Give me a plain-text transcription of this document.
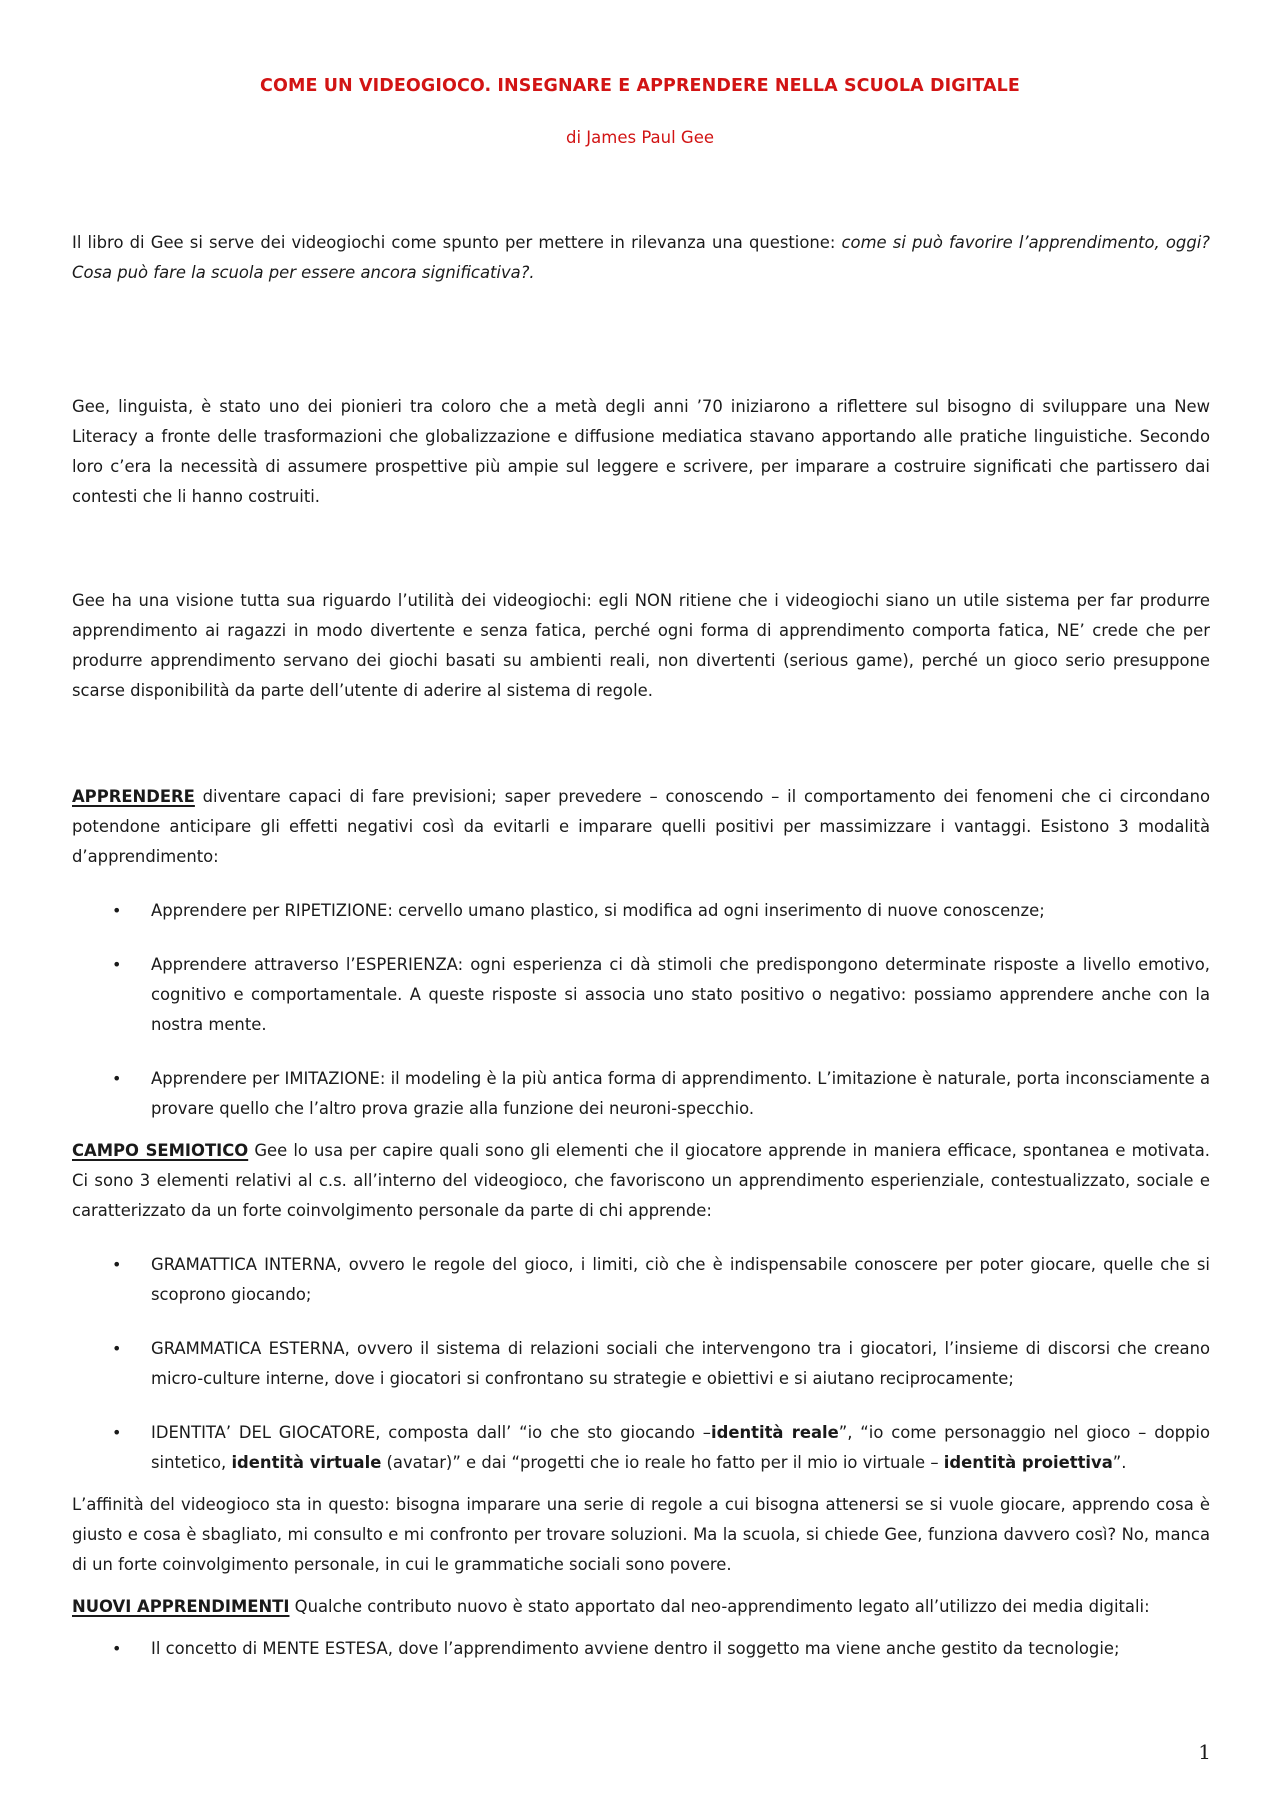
COME UN VIDEOGIOCO. INSEGNARE E APPRENDERE NELLA SCUOLA DIGITALE
di James Paul Gee

Il libro di Gee si serve dei videogiochi come spunto per mettere in rilevanza una questione: come si può favorire l’apprendimento, oggi? Cosa può fare la scuola per essere ancora significativa?.

Gee, linguista, è stato uno dei pionieri tra coloro che a metà degli anni ’70 iniziarono a riflettere sul bisogno di sviluppare una New Literacy a fronte delle trasformazioni che globalizzazione e diffusione mediatica stavano apportando alle pratiche linguistiche. Secondo loro c’era la necessità di assumere prospettive più ampie sul leggere e scrivere, per imparare a costruire significati che partissero dai contesti che li hanno costruiti.

Gee ha una visione tutta sua riguardo l’utilità dei videogiochi: egli NON ritiene che i videogiochi siano un utile sistema per far produrre apprendimento ai ragazzi in modo divertente e senza fatica, perché ogni forma di apprendimento comporta fatica, NE’ crede che per produrre apprendimento servano dei giochi basati su ambienti reali, non divertenti (serious game), perché un gioco serio presuppone scarse disponibilità da parte dell’utente di aderire al sistema di regole.

APPRENDERE diventare capaci di fare previsioni; saper prevedere – conoscendo – il comportamento dei fenomeni che ci circondano potendone anticipare gli effetti negativi così da evitarli e imparare quelli positivi per massimizzare i vantaggi. Esistono 3 modalità d’apprendimento:

• Apprendere per RIPETIZIONE: cervello umano plastico, si modifica ad ogni inserimento di nuove conoscenze;
• Apprendere attraverso l’ESPERIENZA: ogni esperienza ci dà stimoli che predispongono determinate risposte a livello emotivo, cognitivo e comportamentale. A queste risposte si associa uno stato positivo o negativo: possiamo apprendere anche con la nostra mente.
• Apprendere per IMITAZIONE: il modeling è la più antica forma di apprendimento. L’imitazione è naturale, porta inconsciamente a provare quello che l’altro prova grazie alla funzione dei neuroni-specchio.

CAMPO SEMIOTICO Gee lo usa per capire quali sono gli elementi che il giocatore apprende in maniera efficace, spontanea e motivata. Ci sono 3 elementi relativi al c.s. all’interno del videogioco, che favoriscono un apprendimento esperienziale, contestualizzato, sociale e caratterizzato da un forte coinvolgimento personale da parte di chi apprende:

• GRAMATTICA INTERNA, ovvero le regole del gioco, i limiti, ciò che è indispensabile conoscere per poter giocare, quelle che si scoprono giocando;
• GRAMMATICA ESTERNA, ovvero il sistema di relazioni sociali che intervengono tra i giocatori, l’insieme di discorsi che creano micro-culture interne, dove i giocatori si confrontano su strategie e obiettivi e si aiutano reciprocamente;
• IDENTITA’ DEL GIOCATORE, composta dall’ “io che sto giocando –identità reale”, “io come personaggio nel gioco – doppio sintetico, identità virtuale (avatar)” e dai “progetti che io reale ho fatto per il mio io virtuale – identità proiettiva”.

L’affinità del videogioco sta in questo: bisogna imparare una serie di regole a cui bisogna attenersi se si vuole giocare, apprendo cosa è giusto e cosa è sbagliato, mi consulto e mi confronto per trovare soluzioni. Ma la scuola, si chiede Gee, funziona davvero così? No, manca di un forte coinvolgimento personale, in cui le grammatiche sociali sono povere.

NUOVI APPRENDIMENTI Qualche contributo nuovo è stato apportato dal neo-apprendimento legato all’utilizzo dei media digitali:

• Il concetto di MENTE ESTESA, dove l’apprendimento avviene dentro il soggetto ma viene anche gestito da tecnologie;
1
